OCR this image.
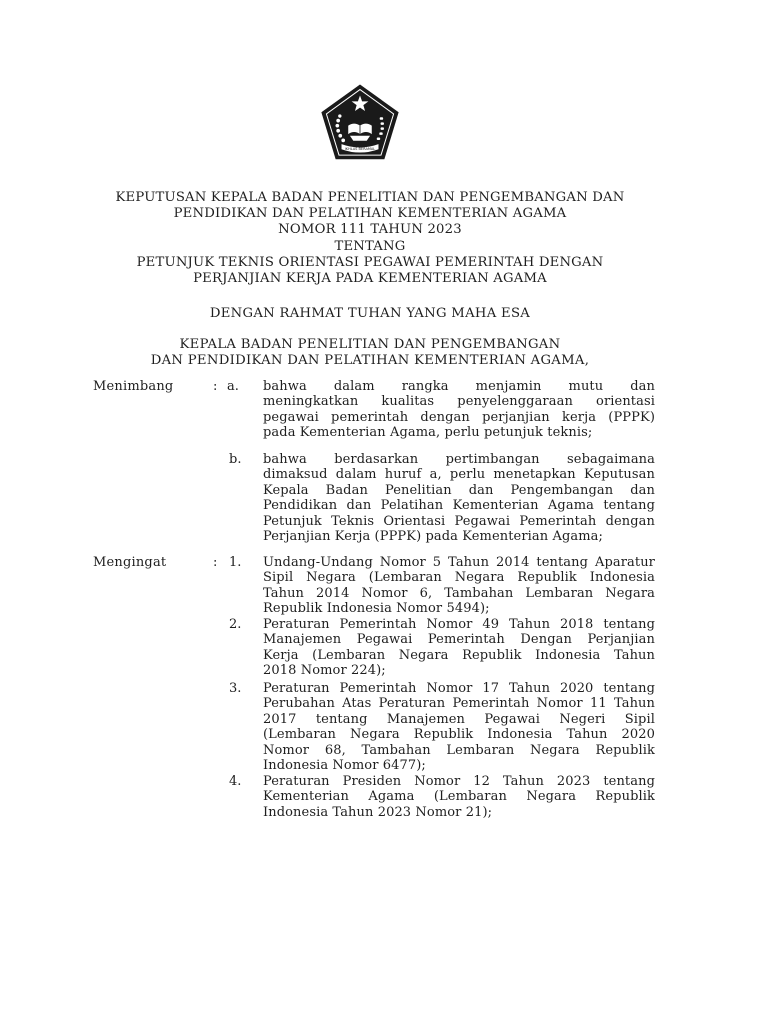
IKHLAS BERAMAL
KEPUTUSAN KEPALA BADAN PENELITIAN DAN PENGEMBANGAN DAN
PENDIDIKAN DAN PELATIHAN KEMENTERIAN AGAMA
NOMOR 111 TAHUN 2023
TENTANG
PETUNJUK TEKNIS ORIENTASI PEGAWAI PEMERINTAH DENGAN
PERJANJIAN KERJA PADA KEMENTERIAN AGAMA
DENGAN RAHMAT TUHAN YANG MAHA ESA
KEPALA BADAN PENELITIAN DAN PENGEMBANGAN
DAN PENDIDIKAN DAN PELATIHAN KEMENTERIAN AGAMA,
Menimbang	: a. bahwa dalam rangka menjamin mutu dan
meningkatkan kualitas penyelenggaraan orientasi
pegawai pemerintah dengan perjanjian kerja (PPPK)
pada Kementerian Agama, perlu petunjuk teknis;
b. bahwa berdasarkan pertimbangan sebagaimana
dimaksud dalam huruf a, perlu menetapkan Keputusan
Kepala Badan Penelitian dan Pengembangan dan
Pendidikan dan Pelatihan Kementerian Agama tentang
Petunjuk Teknis Orientasi Pegawai Pemerintah dengan
Perjanjian Kerja (PPPK) pada Kementerian Agama;
Mengingat	: 1. Undang-Undang Nomor 5 Tahun 2014 tentang Aparatur
Sipil Negara (Lembaran Negara Republik Indonesia
Tahun 2014 Nomor 6, Tambahan Lembaran Negara
Republik Indonesia Nomor 5494);
2. Peraturan Pemerintah Nomor 49 Tahun 2018 tentang
Manajemen Pegawai Pemerintah Dengan Perjanjian
Kerja (Lembaran Negara Republik Indonesia Tahun
2018 Nomor 224);
3. Peraturan Pemerintah Nomor 17 Tahun 2020 tentang
Perubahan Atas Peraturan Pemerintah Nomor 11 Tahun
2017 tentang Manajemen Pegawai Negeri Sipil
(Lembaran Negara Republik Indonesia Tahun 2020
Nomor 68, Tambahan Lembaran Negara Republik
Indonesia Nomor 6477);
4. Peraturan Presiden Nomor 12 Tahun 2023 tentang
Kementerian Agama (Lembaran Negara Republik
Indonesia Tahun 2023 Nomor 21);
